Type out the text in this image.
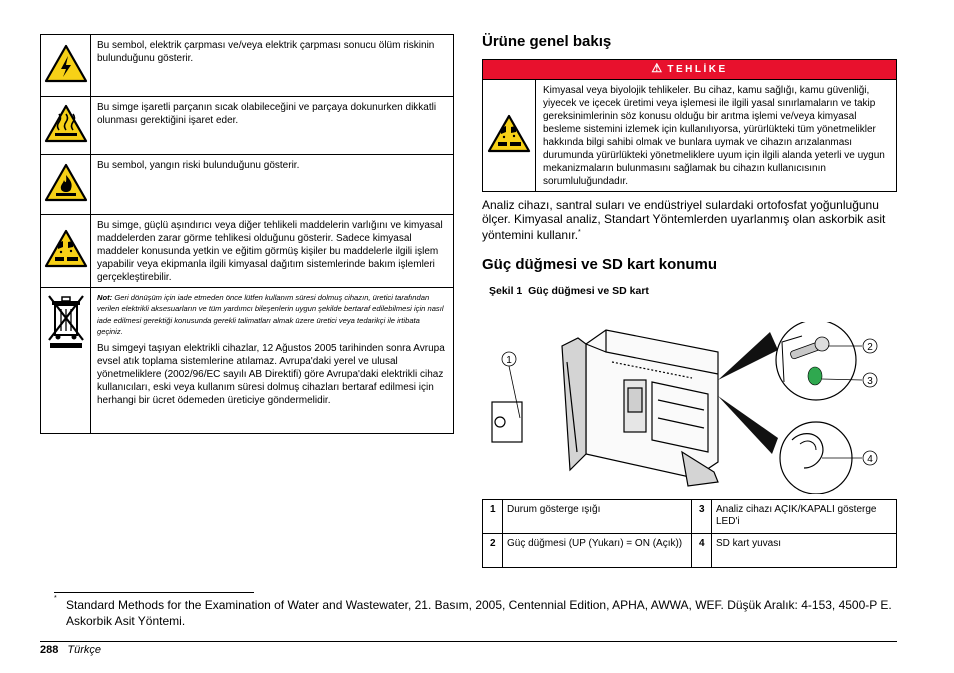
	Bu sembol, elektrik çarpması ve/veya elektrik çarpması sonucu ölüm riskinin bulunduğunu gösterir.
	Bu simge işaretli parçanın sıcak olabileceğini ve parçaya dokunurken dikkatli olunması gerektiğini işaret eder.
	Bu sembol, yangın riski bulunduğunu gösterir.
	Bu simge, güçlü aşındırıcı veya diğer tehlikeli maddelerin varlığını ve kimyasal maddelerden zarar görme tehlikesi olduğunu gösterir. Sadece kimyasal maddeler konusunda yetkin ve eğitim görmüş kişiler bu maddelerle ilgili işlem yapabilir veya ekipmanla ilgili kimyasal dağıtım sistemlerinde bakım işlemleri gerçekleştirebilir.

Not: Geri dönüşüm için iade etmeden önce lütfen kullanım süresi dolmuş cihazın, üretici tarafından verilen elektrikli aksesuarların ve tüm yardımcı bileşenlerin uygun şekilde bertaraf edilebilmesi için nasıl iade edilmesi gerektiği konusunda gerekli talimatları almak üzere üretici veya tedarikçi ile irtibata geçiniz.
Bu simgeyi taşıyan elektrikli cihazlar, 12 Ağustos 2005 tarihinden sonra Avrupa evsel atık toplama sistemlerine atılamaz. Avrupa'daki yerel ve ulusal yönetmeliklere (2002/96/EC sayılı AB Direktifi) göre Avrupa'daki elektrikli cihaz kullanıcıları, eski veya kullanım süresi dolmuş cihazları bertaraf edilmesi için herhangi bir ücret ödemeden üreticiye göndermelidir.
Ürüne genel bakış
⚠ TEHLİKE
	Kimyasal veya biyolojik tehlikeler. Bu cihaz, kamu sağlığı, kamu güvenliği, yiyecek ve içecek üretimi veya işlemesi ile ilgili yasal sınırlamaların ve takip gereksinimlerinin söz konusu olduğu bir arıtma işlemi ve/veya kimyasal besleme sistemini izlemek için kullanılıyorsa, yürürlükteki tüm yönetmelikler hakkında bilgi sahibi olmak ve bunlara uymak ve cihazın arızalanması durumunda yürürlükteki yönetmeliklere uyum için ilgili alanda yeterli ve uygun mekanizmaların bulunmasını sağlamak bu cihazın kullanıcısının sorumluluğundadır.
Analiz cihazı, santral suları ve endüstriyel sulardaki ortofosfat yoğunluğunu ölçer. Kimyasal analiz, Standart Yöntemlerden uyarlanmış olan askorbik asit yöntemini kullanır.*
Güç düğmesi ve SD kart konumu
Şekil 1  Güç düğmesi ve SD kart
1
2
3
4
1	Durum gösterge ışığı	3	Analiz cihazı AÇIK/KAPALI gösterge LED'i
2	Güç düğmesi (UP (Yukarı) = ON (Açık))	4	SD kart yuvası
* Standard Methods for the Examination of Water and Wastewater, 21. Basım, 2005, Centennial Edition, APHA, AWWA, WEF. Düşük Aralık: 4-153, 4500-P E. Askorbik Asit Yöntemi.
288 Türkçe
